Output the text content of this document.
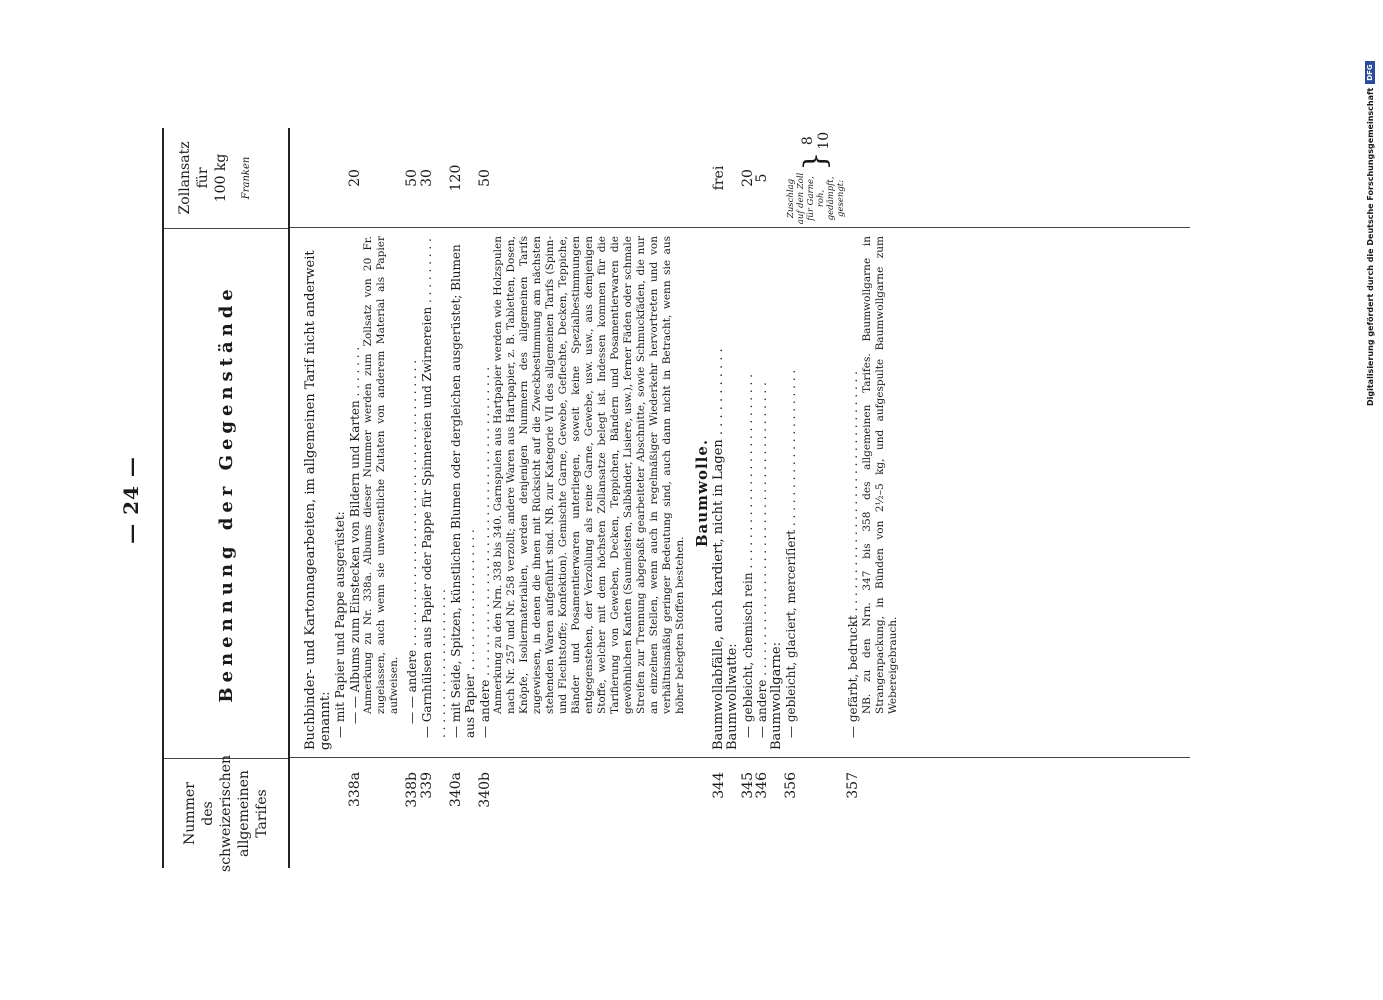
— 24 —
Nummer des schweizerischen allgemeinen Tarifes
Benennung der Gegenstände
Zollansatz für 100 kg	Franken
Buchbinder- und Kartonnagearbeiten, im allgemeinen Tarif nicht anderweit genannt: — mit Papier und Pappe ausgerüstet:
338a
— — Albums zum Einstecken von Bildern und Karten . . . . . . .
20
Anmerkung zu Nr. 338a. Albums dieser Nummer werden zum Zollsatz von 20 Fr. zugelassen, auch wenn sie unwesentliche Zutaten von anderem Material als Papier aufweisen.
338b
— — andere . . . . . . . . . . . . . . . . . . . . . . . . . . . . . . . . . . . . . .
50
339
— Garnhülsen aus Papier oder Pappe für Spinnereien und Zwirnereien . . . . . . . . . . . . . . . . . . . . . . . . . . . . .
30
340a
— mit Seide, Spitzen, künstlichen Blumen oder dergleichen ausgerüstet; Blumen aus Papier . . . . . . . . . . . . . . . . . . .
120
340b
— andere . . . . . . . . . . . . . . . . . . . . . . . . . . . . . . . . . . . . . . . . .
50
Anmerkung zu den Nrn. 338 bis 340. Garnspulen aus Hartpapier werden wie Holzspulen nach Nr. 257 und Nr. 258 verzollt; andere Waren aus Hartpapier, z. B. Tabletten, Dosen, Knöpfe, Isoliermaterialien, werden denjenigen Nummern des allgemeinen Tarifs zugewiesen, in denen die ihnen mit Rücksicht auf die Zweckbestimmung am nächsten stehenden Waren aufgeführt sind. NB. zur Kategorie VII des allgemeinen Tarifs (Spinn- und Flechtstoffe; Konfektion). Gemischte Garne, Gewebe, Geflechte, Decken, Teppiche, Bänder und Posamentierwaren unterliegen, soweit keine Spezialbestimmungen entgegenstehen, der Verzollung als reine Garne, Gewebe, usw. usw., aus demjenigen Stoffe, welcher mit dem höchsten Zollansatze belegt ist. Indessen kommen für die Tarifierung von Geweben, Decken, Teppichen, Bändern und Posamentierwaren die gewöhnlichen Kanten (Saumleisten, Salbänder, Lisiere, usw.), ferner Fäden oder schmale Streifen zur Trennung abgepaßt gearbeiteter Abschnitte, sowie Schmuckfäden, die nur an einzelnen Stellen, wenn auch in regelmäßiger Wiederkehr hervortreten und von verhältnismäßig geringer Bedeutung sind, auch dann nicht in Betracht, wenn sie aus höher belegten Stoffen bestehen.
Baumwolle.
344
Baumwollabfälle, auch kardiert, nicht in Lagen . . . . . . . . . . .
frei
Baumwollwatte:
345
— gebleicht, chemisch rein . . . . . . . . . . . . . . . . . . . . . . . . . .
20
346
— andere . . . . . . . . . . . . . . . . . . . . . . . . . . . . . . . . . . . . . . .
5
Baumwollgarne:
356
— gebleicht, glaciert, merceriſiert . . . . . . . . . . . . . . . . . . . . .
Zuschlag auf den Zoll für Garne, roh, gedämpft, gesengt:
}
8 10
357
— gefärbt, bedruckt . . . . . . . . . . . . . . . . . . . . . . . . . . . . . . . . NB. zu den Nrn. 347 bis 358 des allgemeinen Tarifes. Baumwollgarne in Strangenpackung, in Bünden von 2½–5 kg, und aufgespulte Baumwollgarne zum Webereigebrauch.
Digitalisierung gefördert durch die Deutsche Forschungsgemeinschaft
DFG
